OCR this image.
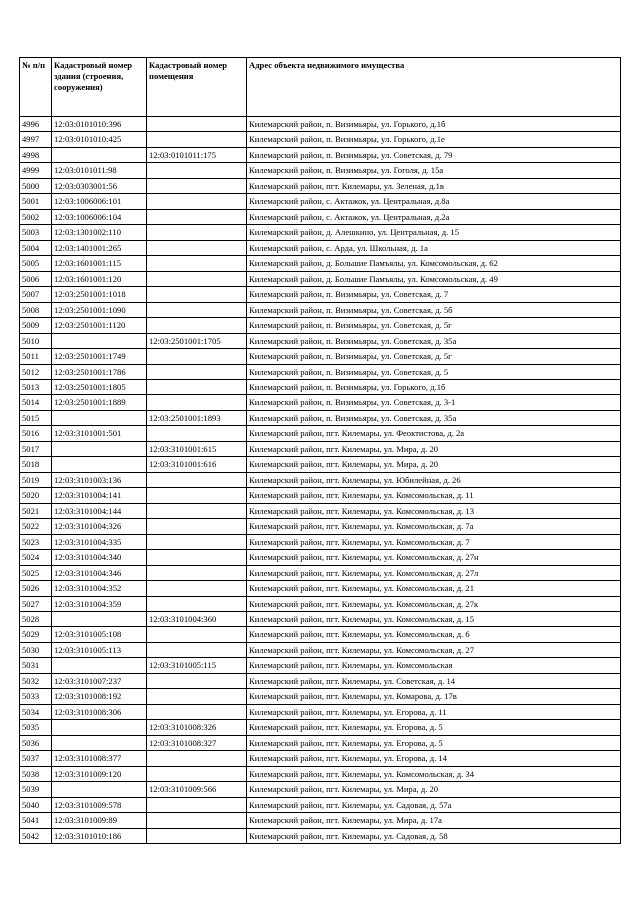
№ п/п	Кадастровый номер здания (строения, сооружения)	Кадастровый номер помещения	Адрес объекта недвижимого имущества
4996	12:03:0101010:396		Килемарский район, п. Визимьяры, ул. Горького, д.1б
4997	12:03:0101010:425		Килемарский район, п. Визимьяры, ул. Горького, д.1е
4998		12:03:0101011:175	Килемарский район, п. Визимьяры, ул. Советская, д. 79
4999	12:03:0101011:98		Килемарский район, п. Визимьяры, ул. Гоголя, д. 15а
5000	12:03:0303001:56		Килемарский район, пгт. Килемары, ул. Зеленая, д.1в
5001	12:03:1006006:101		Килемарский район, с. Актажок, ул. Центральная, д.8а
5002	12:03:1006006:104		Килемарский район, с. Актажок, ул. Центральная, д.2а
5003	12:03:1301002:110		Килемарский район, д. Алешкино, ул. Центральная, д. 15
5004	12:03:1401001:265		Килемарский район, с. Арда, ул. Школьная, д. 1а
5005	12:03:1601001:115		Килемарский район, д. Большие Памъялы, ул. Комсомольская, д. 62
5006	12:03:1601001:120		Килемарский район, д. Большие Памъялы, ул. Комсомольская, д. 49
5007	12:03:2501001:1018		Килемарский район, п. Визимьяры, ул. Советская, д. 7
5008	12:03:2501001:1090		Килемарский район, п. Визимьяры, ул. Советская, д. 5б
5009	12:03:2501001:1120		Килемарский район, п. Визимьяры, ул. Советская, д. 5г
5010		12:03:2501001:1705	Килемарский район, п. Визимьяры, ул. Советская, д. 35а
5011	12:03:2501001:1749		Килемарский район, п. Визимьяры, ул. Советская, д. 5г
5012	12:03:2501001:1786		Килемарский район, п. Визимьяры, ул. Советская, д. 5
5013	12:03:2501001:1805		Килемарский район, п. Визимьяры, ул. Горького, д.1б
5014	12:03:2501001:1889		Килемарский район, п. Визимьяры, ул. Советская, д. 3-1
5015		12:03:2501001:1893	Килемарский район, п. Визимьяры, ул. Советская, д. 35а
5016	12:03:3101001:501		Килемарский район, пгт. Килемары, ул. Феоктистова, д. 2а
5017		12:03:3101001:615	Килемарский район, пгт. Килемары, ул. Мира, д. 20
5018		12:03:3101001:616	Килемарский район, пгт. Килемары, ул. Мира, д. 20
5019	12:03:3101003:136		Килемарский район, пгт. Килемары, ул. Юбилейная, д. 26
5020	12:03:3101004:141		Килемарский район, пгт. Килемары, ул. Комсомольская, д. 11
5021	12:03:3101004:144		Килемарский район, пгт. Килемары, ул. Комсомольская, д. 13
5022	12:03:3101004:326		Килемарский район, пгт. Килемары, ул. Комсомольская, д. 7а
5023	12:03:3101004:335		Килемарский район, пгт. Килемары, ул. Комсомольская, д. 7
5024	12:03:3101004:340		Килемарский район, пгт. Килемары, ул. Комсомольская, д. 27н
5025	12:03:3101004:346		Килемарский район, пгт. Килемары, ул. Комсомольская, д. 27л
5026	12:03:3101004:352		Килемарский район, пгт. Килемары, ул. Комсомольская, д. 21
5027	12:03:3101004:359		Килемарский район, пгт. Килемары, ул. Комсомольская, д. 27к
5028		12:03:3101004:360	Килемарский район, пгт. Килемары, ул. Комсомольская, д. 15
5029	12:03:3101005:108		Килемарский район, пгт. Килемары, ул. Комсомольская, д. 6
5030	12:03:3101005:113		Килемарский район, пгт. Килемары, ул. Комсомольская, д. 27
5031		12:03:3101005:115	Килемарский район, пгт. Килемары, ул. Комсомольская
5032	12:03:3101007:237		Килемарский район, пгт. Килемары, ул. Советская, д. 14
5033	12:03:3101008:192		Килемарский район, пгт. Килемары, ул. Комарова, д. 17в
5034	12:03:3101008:306		Килемарский район, пгт. Килемары, ул. Егорова, д. 11
5035		12:03:3101008:326	Килемарский район, пгт. Килемары, ул. Егорова, д. 5
5036		12:03:3101008:327	Килемарский район, пгт. Килемары, ул. Егорова, д. 5
5037	12:03:3101008:377		Килемарский район, пгт. Килемары, ул. Егорова, д. 14
5038	12:03:3101009:120		Килемарский район, пгт. Килемары, ул. Комсомольская, д. 34
5039		12:03:3101009:566	Килемарский район, пгт. Килемары, ул. Мира, д. 20
5040	12:03:3101009:578		Килемарский район, пгт. Килемары, ул. Садовая, д. 57а
5041	12:03:3101009:89		Килемарский район, пгт. Килемары, ул. Мира, д. 17а
5042	12:03:3101010:186		Килемарский район, пгт. Килемары, ул. Садовая, д. 58
